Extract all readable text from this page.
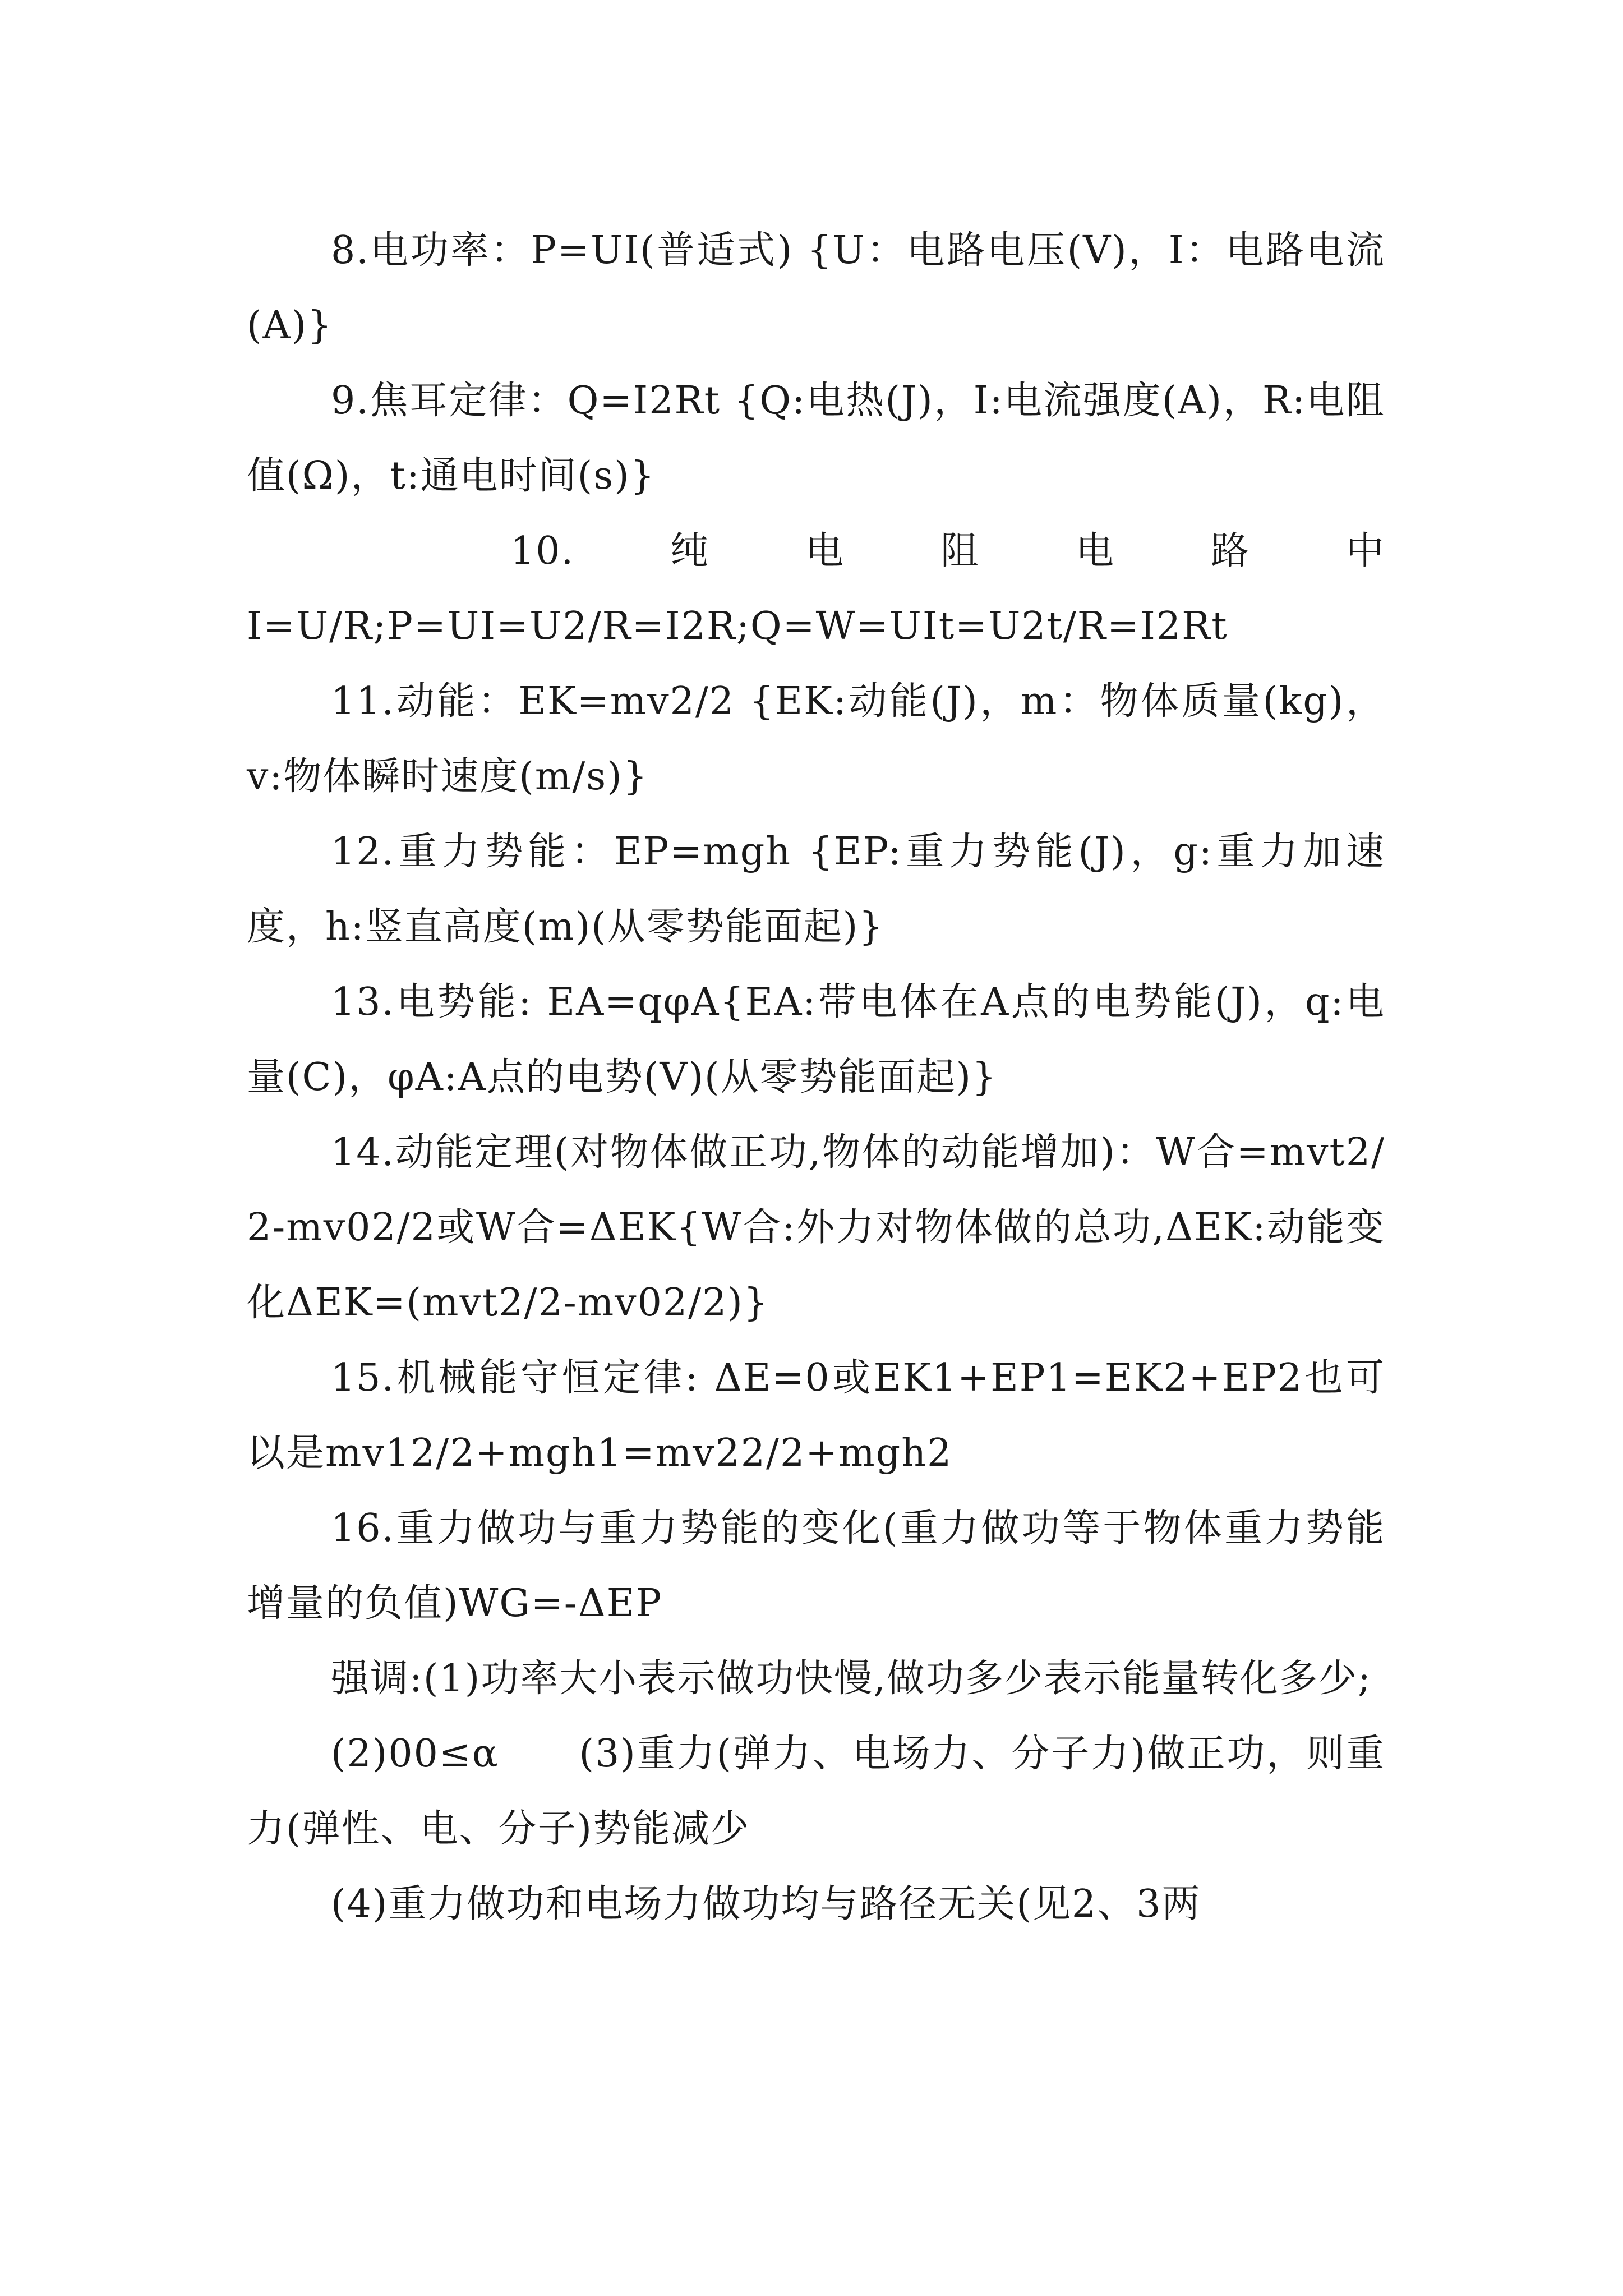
8.电功率：P=UI(普适式) {U：电路电压(V)，I：电路电流(A)}

9.焦耳定律：Q=I2Rt {Q:电热(J)，I:电流强度(A)，R:电阻值(Ω)，t:通电时间(s)}

10.	纯	电	阻	电	路	中

I=U/R;P=UI=U2/R=I2R;Q=W=UIt=U2t/R=I2Rt

11.动能：EK=mv2/2 {EK:动能(J)，m：物体质量(kg)，v:物体瞬时速度(m/s)}

12.重力势能：EP=mgh {EP:重力势能(J)，g:重力加速度，h:竖直高度(m)(从零势能面起)}

13.电势能: EA=qφA{EA:带电体在A点的电势能(J)，q:电量(C)，φA:A点的电势(V)(从零势能面起)}

14.动能定理(对物体做正功,物体的动能增加)：W合=mvt2/2-mv02/2或W合=ΔEK{W合:外力对物体做的总功,ΔEK:动能变化ΔEK=(mvt2/2-mv02/2)}

15.机械能守恒定律: ΔE=0或EK1+EP1=EK2+EP2也可以是mv12/2+mgh1=mv22/2+mgh2

16.重力做功与重力势能的变化(重力做功等于物体重力势能增量的负值)WG=-ΔEP

强调:(1)功率大小表示做功快慢,做功多少表示能量转化多少;

(2)00≤α　　(3)重力(弹力、电场力、分子力)做正功，则重力(弹性、电、分子)势能减少

(4)重力做功和电场力做功均与路径无关(见2、3两
